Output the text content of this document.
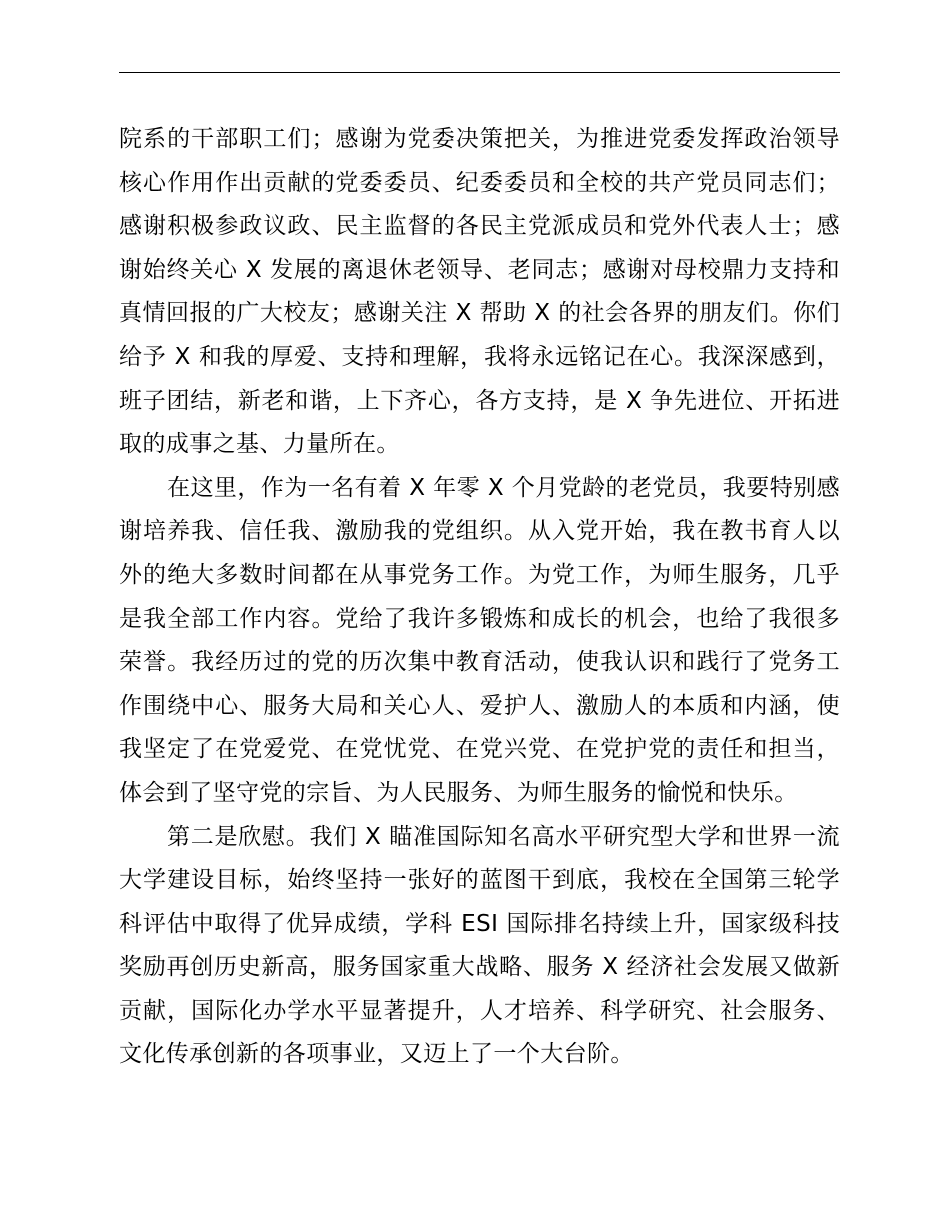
院系的干部职工们；感谢为党委决策把关，为推进党委发挥政治领导核心作用作出贡献的党委委员、纪委委员和全校的共产党员同志们；感谢积极参政议政、民主监督的各民主党派成员和党外代表人士；感谢始终关心 X 发展的离退休老领导、老同志；感谢对母校鼎力支持和真情回报的广大校友；感谢关注 X 帮助 X 的社会各界的朋友们。你们给予 X 和我的厚爱、支持和理解，我将永远铭记在心。我深深感到，班子团结，新老和谐，上下齐心，各方支持，是 X 争先进位、开拓进取的成事之基、力量所在。

在这里，作为一名有着 X 年零 X 个月党龄的老党员，我要特别感谢培养我、信任我、激励我的党组织。从入党开始，我在教书育人以外的绝大多数时间都在从事党务工作。为党工作，为师生服务，几乎是我全部工作内容。党给了我许多锻炼和成长的机会，也给了我很多荣誉。我经历过的党的历次集中教育活动，使我认识和践行了党务工作围绕中心、服务大局和关心人、爱护人、激励人的本质和内涵，使我坚定了在党爱党、在党忧党、在党兴党、在党护党的责任和担当，体会到了坚守党的宗旨、为人民服务、为师生服务的愉悦和快乐。

第二是欣慰。我们 X 瞄准国际知名高水平研究型大学和世界一流大学建设目标，始终坚持一张好的蓝图干到底，我校在全国第三轮学科评估中取得了优异成绩，学科 ESI 国际排名持续上升，国家级科技奖励再创历史新高，服务国家重大战略、服务 X 经济社会发展又做新贡献，国际化办学水平显著提升，人才培养、科学研究、社会服务、文化传承创新的各项事业，又迈上了一个大台阶。
